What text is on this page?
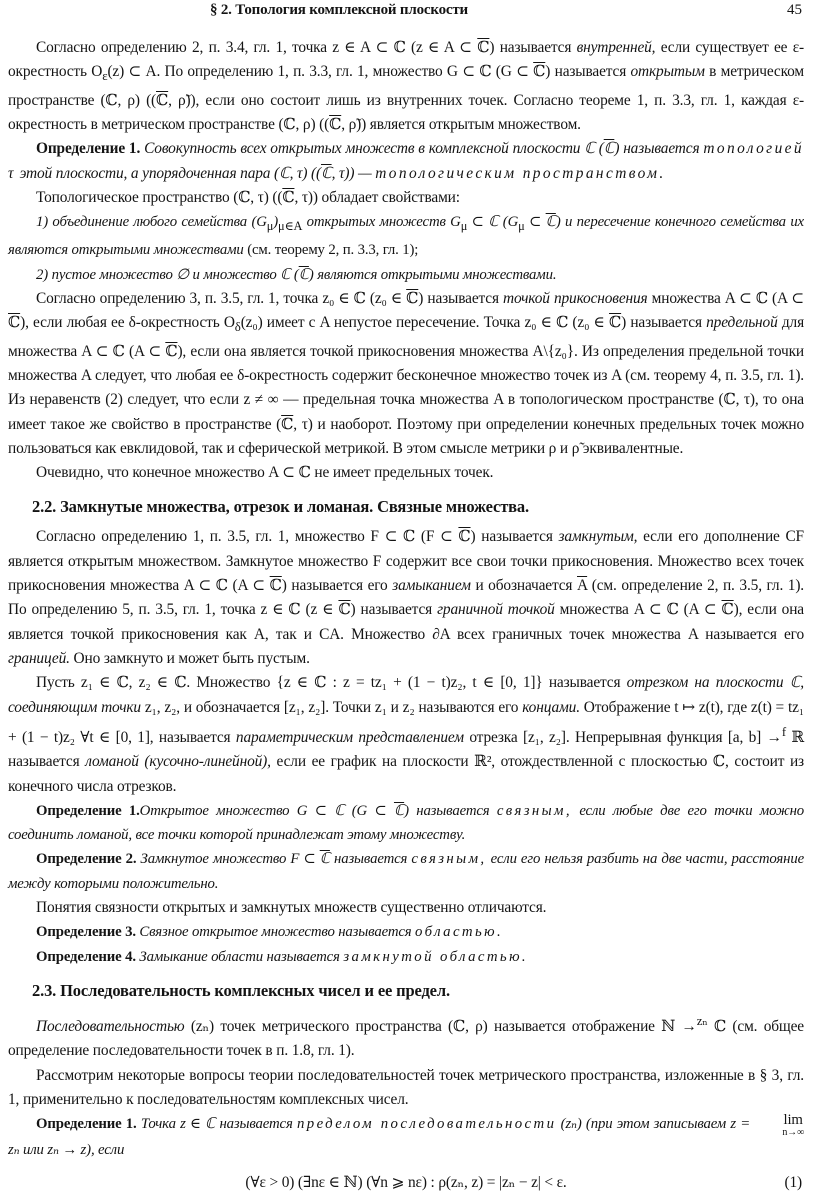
§ 2. Топология комплексной плоскости	45

Согласно определению 2, п. 3.4, гл. 1, точка z ∈ A ⊂ ℂ (z ∈ A ⊂ ℂ) называется внутренней, если существует ее ε-окрестность $O_\varepsilon(z)$ ⊂ A. По определению 1, п. 3.3, гл. 1, множество G ⊂ ℂ (G ⊂ ℂ) называется открытым в метрическом пространстве (ℂ, ρ) ((ℂ, ρ̃)), если оно состоит лишь из внутренних точек. Согласно теореме 1, п. 3.3, гл. 1, каждая ε-окрестность в метрическом пространстве (ℂ, ρ) ((ℂ, ρ̃)) является открытым множеством.

Определение 1. Совокупность всех открытых множеств в комплексной плоскости ℂ (ℂ) называется топологией τ этой плоскости, а упорядоченная пара (ℂ, τ) ((ℂ, τ)) — топологическим пространством.

Топологическое пространство (ℂ, τ) ((ℂ, τ)) обладает свойствами:

1) объединение любого семейства $(G_\mu)_{\mu\in A}$ открытых множеств $G_\mu$ ⊂ ℂ ($G_\mu$ ⊂ ℂ) и пересечение конечного семейства их являются открытыми множествами (см. теорему 2, п. 3.3, гл. 1);

2) пустое множество ∅ и множество ℂ (ℂ) являются открытыми множествами.

Согласно определению 3, п. 3.5, гл. 1, точка z₀ ∈ ℂ (z₀ ∈ ℂ) называется точкой прикосновения множества A ⊂ ℂ (A ⊂ ℂ), если любая ее δ-окрестность $O_\delta(z_0)$ имеет с A непустое пересечение. Точка z₀ ∈ ℂ (z₀ ∈ ℂ) называется предельной для множества A ⊂ ℂ (A ⊂ ℂ), если она является точкой прикосновения множества A\{z₀}. Из определения предельной точки множества A следует, что любая ее δ-окрестность содержит бесконечное множество точек из A (см. теорему 4, п. 3.5, гл. 1). Из неравенств (2) следует, что если z ≠ ∞ — предельная точка множества A в топологическом пространстве (ℂ, τ), то она имеет такое же свойство в пространстве (ℂ, τ) и наоборот. Поэтому при определении конечных предельных точек можно пользоваться как евклидовой, так и сферической метрикой. В этом смысле метрики ρ и ρ̃ эквивалентные.

Очевидно, что конечное множество A ⊂ ℂ не имеет предельных точек.

2.2. Замкнутые множества, отрезок и ломаная. Связные множества.

Согласно определению 1, п. 3.5, гл. 1, множество F ⊂ ℂ (F ⊂ ℂ) называется замкнутым, если его дополнение CF является открытым множеством. Замкнутое множество F содержит все свои точки прикосновения. Множество всех точек прикосновения множества A ⊂ ℂ (A ⊂ ℂ) называется его замыканием и обозначается $\overline{A}$ (см. определение 2, п. 3.5, гл. 1). По определению 5, п. 3.5, гл. 1, точка z ∈ ℂ (z ∈ ℂ) называется граничной точкой множества A ⊂ ℂ (A ⊂ ℂ), если она является точкой прикосновения как A, так и CA. Множество ∂A всех граничных точек множества A называется его границей. Оно замкнуто и может быть пустым.

Пусть z₁ ∈ ℂ, z₂ ∈ ℂ. Множество {z ∈ ℂ : z = tz₁ + (1 − t)z₂, t ∈ [0, 1]} называется отрезком на плоскости ℂ, соединяющим точки z₁, z₂, и обозначается [z₁, z₂]. Точки z₁ и z₂ называются его концами. Отображение t ↦ z(t), где z(t) = tz₁ + (1 − t)z₂ ∀t ∈ [0, 1], называется параметрическим представлением отрезка [z₁, z₂]. Непрерывная функция [a, b] →$^f$ ℝ называется ломаной (кусочно-линейной), если ее график на плоскости ℝ², отождествленной с плоскостью ℂ, состоит из конечного числа отрезков.

Определение 1.Открытое множество G ⊂ ℂ (G ⊂ ℂ) называется связным, если любые две его точки можно соединить ломаной, все точки которой принадлежат этому множеству.

Определение 2. Замкнутое множество F ⊂ ℂ называется связным, если его нельзя разбить на две части, расстояние между которыми положительно.

Понятия связности открытых и замкнутых множеств существенно отличаются.

Определение 3. Связное открытое множество называется областью.

Определение 4. Замыкание области называется замкнутой областью.

2.3. Последовательность комплексных чисел и ее предел.

Последовательностью (zₙ) точек метрического пространства (ℂ, ρ) называется отображение ℕ →$^{z_n}$ ℂ (см. общее определение последовательности точек в п. 1.8, гл. 1).

Рассмотрим некоторые вопросы теории последовательностей точек метрического пространства, изложенные в § 3, гл. 1, применительно к последовательностям комплексных чисел.

Определение 1. Точка z ∈ ℂ называется пределом последовательности (zₙ) (при этом записываем z = lim
n→∞
zₙ или zₙ → z), если

(∀ε > 0) (∃nε ∈ ℕ) (∀n ⩾ nε) : ρ(zₙ, z) = |zₙ − z| < ε.	(1)
